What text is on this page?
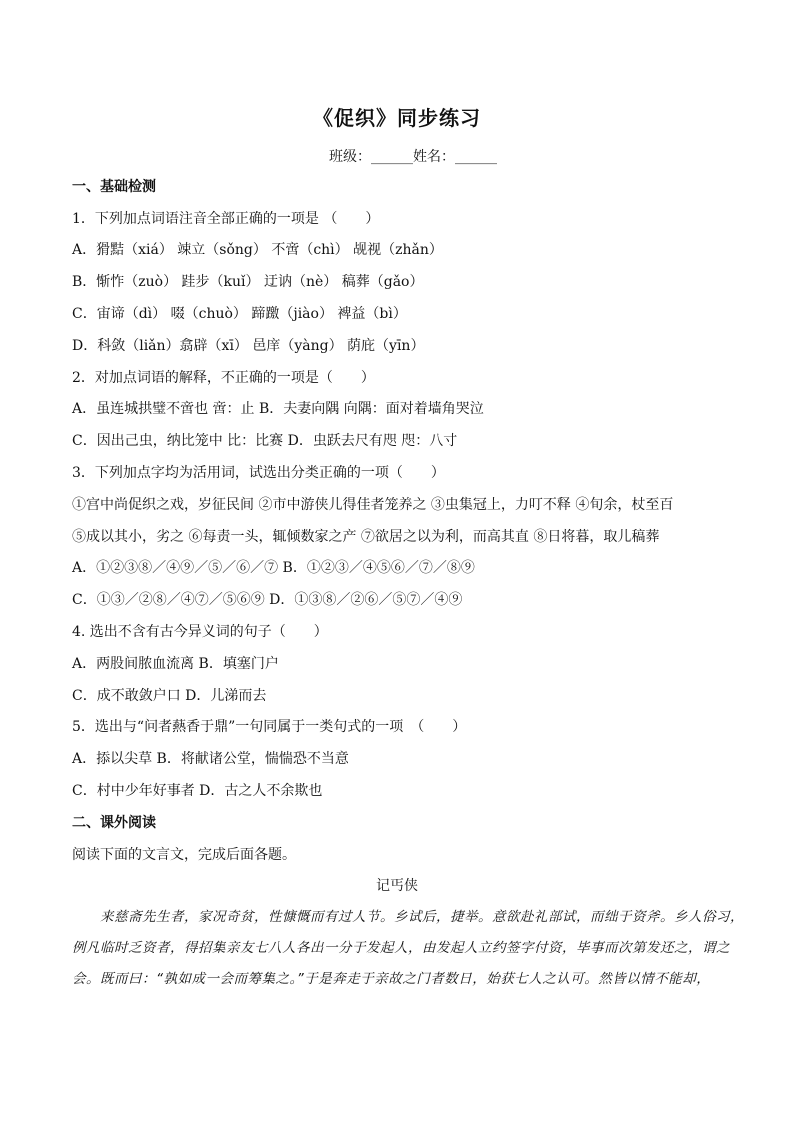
《促织》同步练习
班级：______姓名：______
一、基础检测
1．下列加点词语注音全部正确的一项是 （　　）
A．猾黠（xiá） 竦立（sǒng） 不啻（chì） 觇视（zhǎn）
B．惭怍（zuò） 跬步（kuǐ） 迂讷（nè） 稿葬（gǎo）
C．宙谛（dì） 啜（chuò） 蹄躈（jiào） 裨益（bì）
D．科敛（liǎn）翕辟（xī） 邑庠（yàng） 荫庇（yīn）
2．对加点词语的解释，不正确的一项是（　　）
A．虽连城拱璧不啻也 啻：止 B．夫妻向隅 向隅：面对着墙角哭泣
C．因出己虫，纳比笼中 比：比赛 D．虫跃去尺有咫 咫：八寸
3．下列加点字均为活用词，试选出分类正确的一项（　　）
①宫中尚促织之戏，岁征民间 ②市中游侠儿得佳者笼养之 ③虫集冠上，力叮不释 ④旬余，杖至百
⑤成以其小，劣之 ⑥每责一头，辄倾数家之产 ⑦欲居之以为利，而高其直 ⑧日将暮，取儿稿葬
A．①②③⑧／④⑨／⑤／⑥／⑦ B．①②③／④⑤⑥／⑦／⑧⑨
C．①③／②⑧／④⑦／⑤⑥⑨ D．①③⑧／②⑥／⑤⑦／④⑨
4. 选出不含有古今异义词的句子（　　）
A．两股间脓血流离 B．填塞门户
C．成不敢敛户口 D．儿涕而去
5．选出与“问者爇香于鼎”一句同属于一类句式的一项　（　　）
A．掭以尖草 B．将献诸公堂，惴惴恐不当意
C．村中少年好事者 D．古之人不余欺也
二、课外阅读
阅读下面的文言文，完成后面各题。
记丐侠
来慈斋先生者，家况奇贫，性慷慨而有过人节。乡试后，捷举。意欲赴礼部试，而绌于资斧。乡人俗习，
例凡临时乏资者，得招集亲友七八人各出一分于发起人，由发起人立约签字付资，毕事而次第发还之，谓之
会。既而曰：“孰如成一会而筹集之。”于是奔走于亲故之门者数日，始获七人之认可。然皆以情不能却，
